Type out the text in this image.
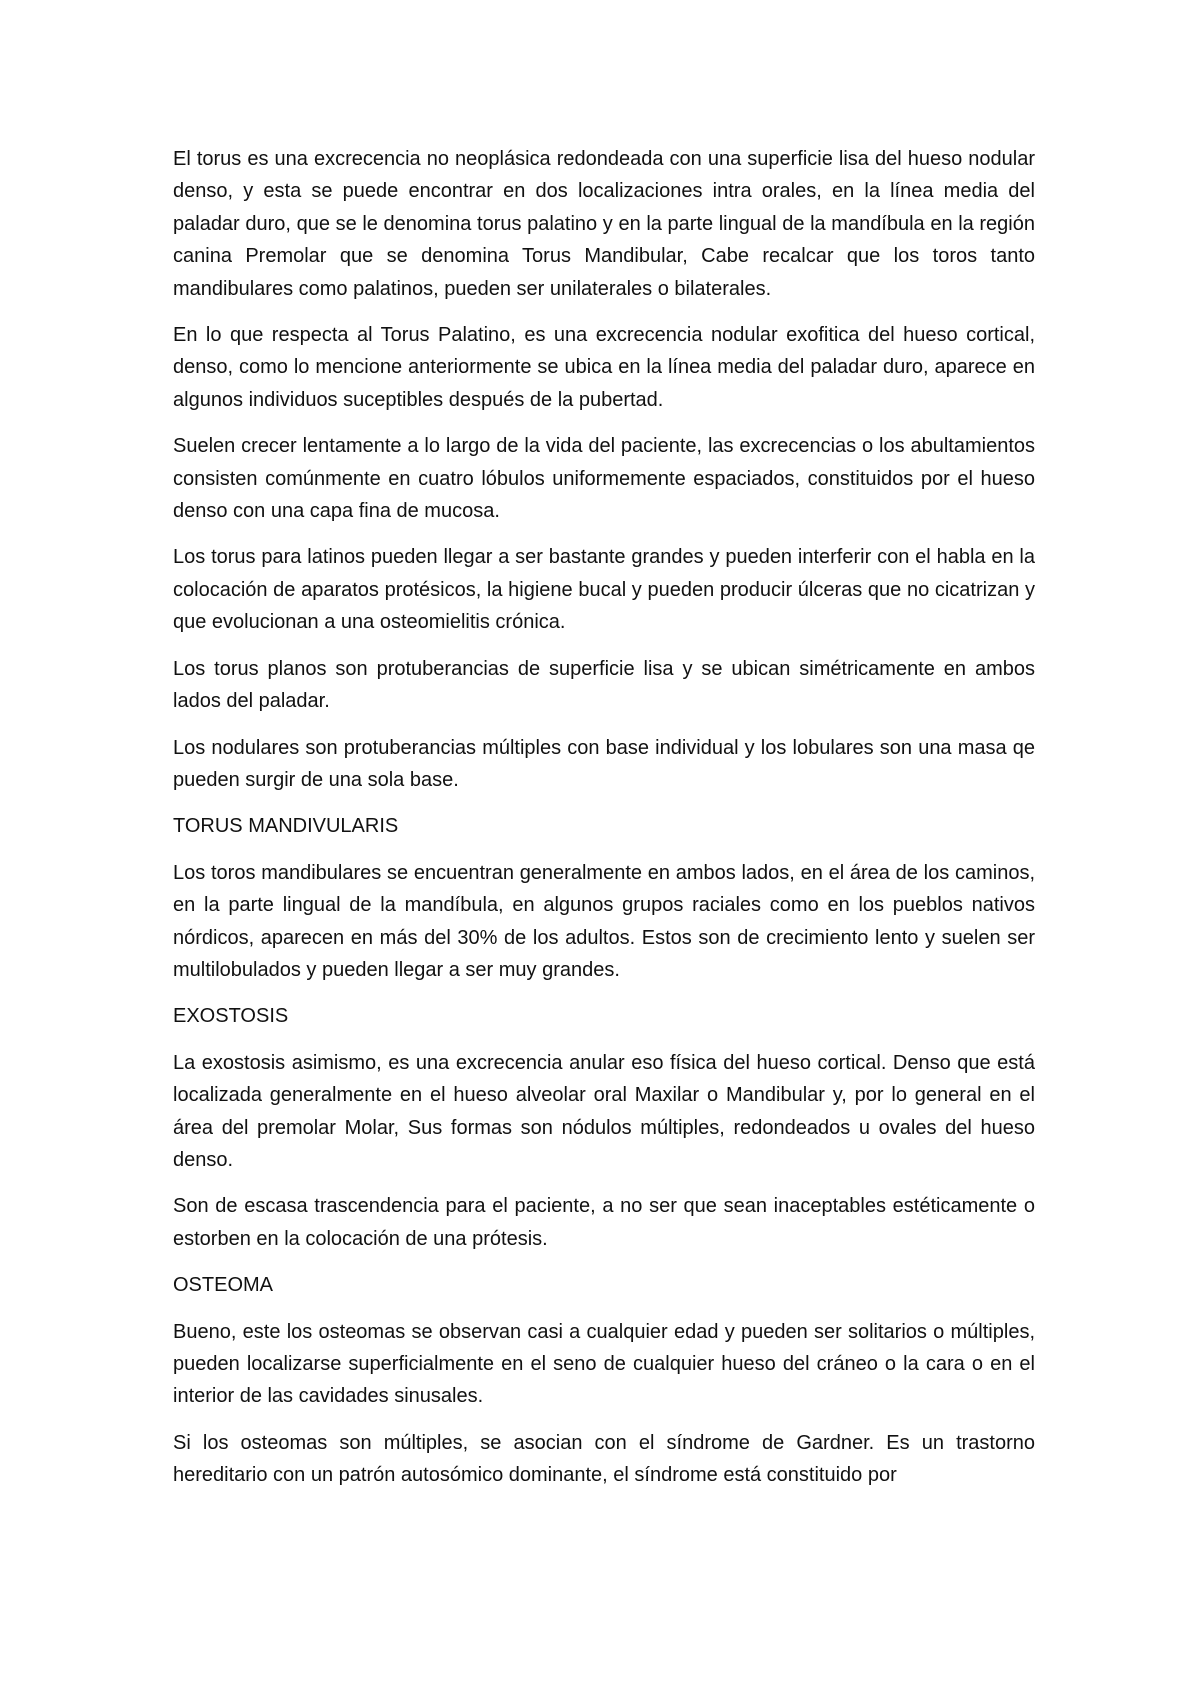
El torus es una excrecencia no neoplásica redondeada con una superficie lisa del hueso nodular denso, y esta se puede encontrar en dos localizaciones intra orales, en la línea media del paladar duro, que se le denomina torus palatino y en la parte lingual de la mandíbula en la región canina Premolar que se denomina Torus Mandibular, Cabe recalcar que los toros tanto mandibulares como palatinos, pueden ser unilaterales o bilaterales.

En lo que respecta al Torus Palatino, es una excrecencia nodular exofitica del hueso cortical, denso, como lo mencione anteriormente se ubica en la línea media del paladar duro, aparece en algunos individuos suceptibles después de la pubertad.

Suelen crecer lentamente a lo largo de la vida del paciente, las excrecencias o los abultamientos consisten comúnmente en cuatro lóbulos uniformemente espaciados, constituidos por el hueso denso con una capa fina de mucosa.

Los torus para latinos pueden llegar a ser bastante grandes y pueden interferir con el habla en la colocación de aparatos protésicos, la higiene bucal y pueden producir úlceras que no cicatrizan y que evolucionan a una osteomielitis crónica.

Los torus planos son protuberancias de superficie lisa y se ubican simétricamente en ambos lados del paladar.

Los nodulares son protuberancias múltiples con base individual y los lobulares son una masa qe pueden surgir de una sola base.

TORUS MANDIVULARIS

Los toros mandibulares se encuentran generalmente en ambos lados, en el área de los caminos, en la parte lingual de la mandíbula, en algunos grupos raciales como en los pueblos nativos nórdicos, aparecen en más del 30% de los adultos. Estos son de crecimiento lento y suelen ser multilobulados y pueden llegar a ser muy grandes.

EXOSTOSIS

La exostosis asimismo, es una excrecencia anular eso física del hueso cortical. Denso que está localizada generalmente en el hueso alveolar oral Maxilar o Mandibular y, por lo general en el área del premolar Molar, Sus formas son nódulos múltiples, redondeados u ovales del hueso denso.

Son de escasa trascendencia para el paciente, a no ser que sean inaceptables estéticamente o estorben en la colocación de una prótesis.

OSTEOMA

Bueno, este los osteomas se observan casi a cualquier edad y pueden ser solitarios o múltiples, pueden localizarse superficialmente en el seno de cualquier hueso del cráneo o la cara o en el interior de las cavidades sinusales.

Si los osteomas son múltiples, se asocian con el síndrome de Gardner. Es un trastorno hereditario con un patrón autosómico dominante, el síndrome está constituido por
